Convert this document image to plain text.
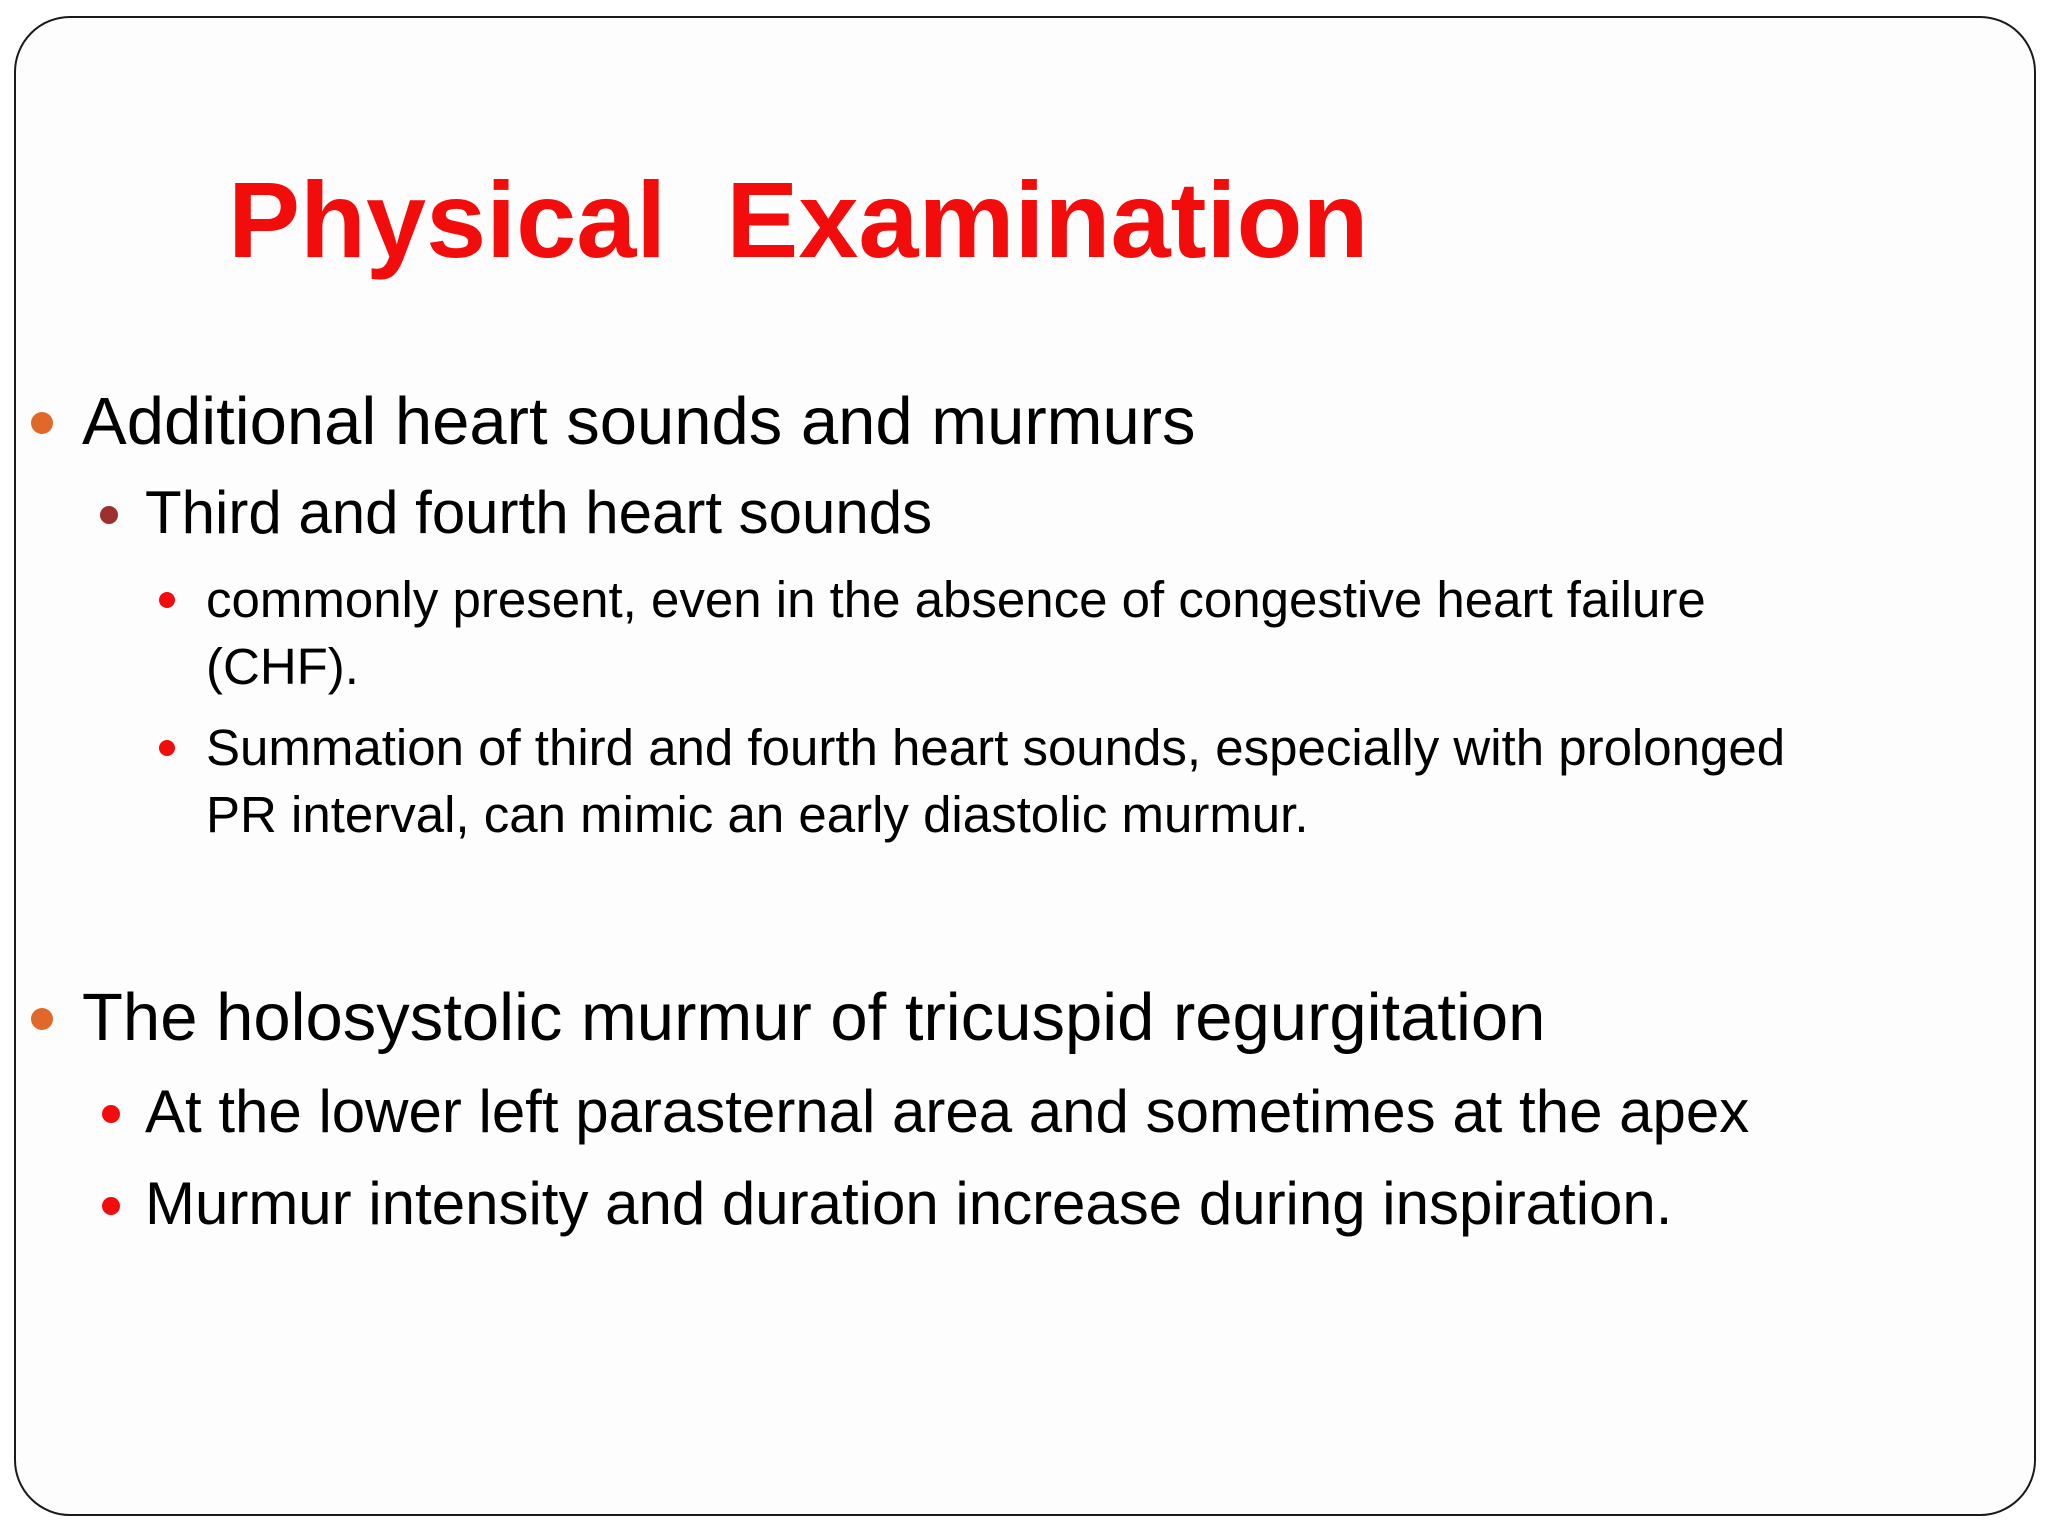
Physical  Examination
Additional heart sounds and murmurs
Third and fourth heart sounds
commonly present, even in the absence of congestive heart failure
(CHF).
Summation of third and fourth heart sounds, especially with prolonged
PR interval, can mimic an early diastolic murmur.
The holosystolic murmur of tricuspid regurgitation
At the lower left parasternal area and sometimes at the apex
Murmur intensity and duration increase during inspiration.
